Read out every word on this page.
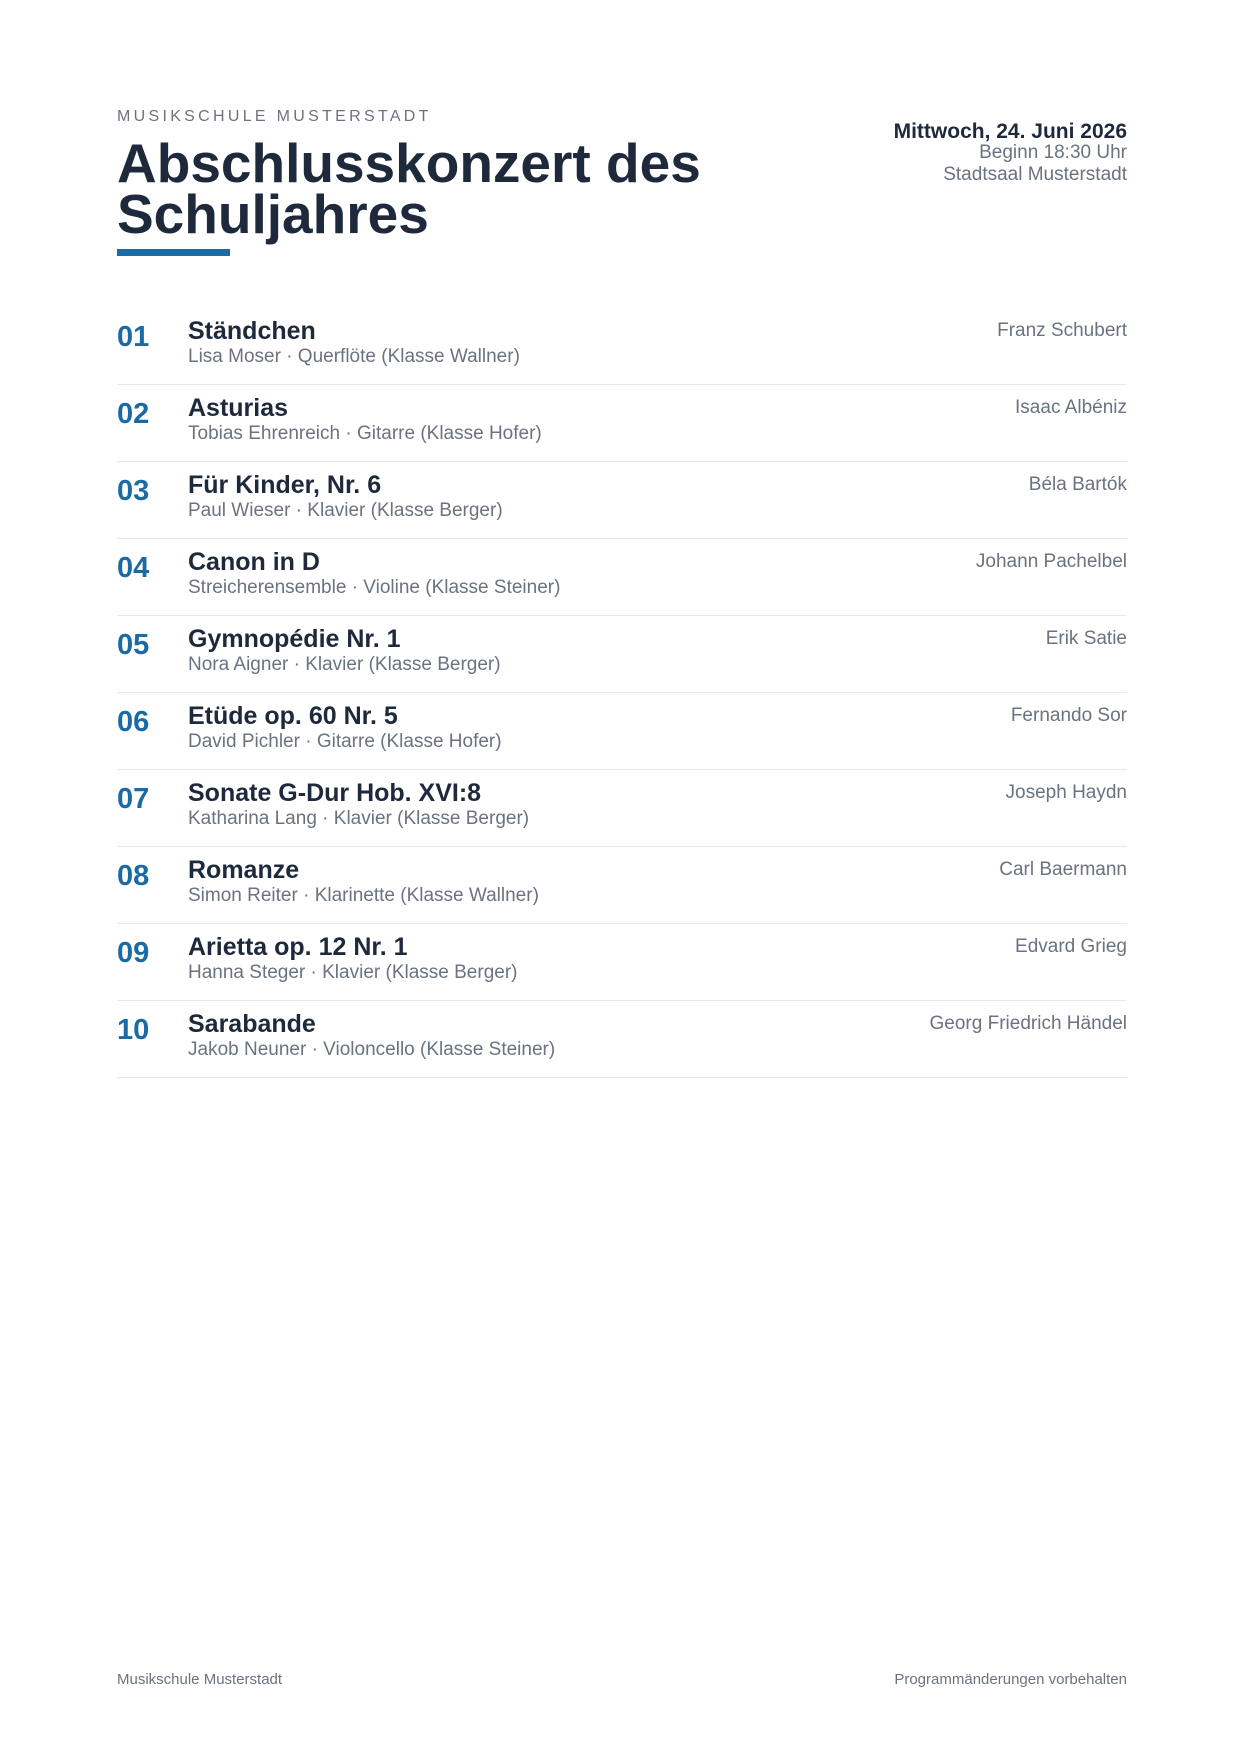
MUSIKSCHULE MUSTERSTADT
Abschlusskonzert des Schuljahres
Mittwoch, 24. Juni 2026
Beginn 18:30 Uhr
Stadtsaal Musterstadt
01 Ständchen
Lisa Moser · Querflöte (Klasse Wallner)
Franz Schubert
02 Asturias
Tobias Ehrenreich · Gitarre (Klasse Hofer)
Isaac Albéniz
03 Für Kinder, Nr. 6
Paul Wieser · Klavier (Klasse Berger)
Béla Bartók
04 Canon in D
Streicherensemble · Violine (Klasse Steiner)
Johann Pachelbel
05 Gymnopédie Nr. 1
Nora Aigner · Klavier (Klasse Berger)
Erik Satie
06 Etüde op. 60 Nr. 5
David Pichler · Gitarre (Klasse Hofer)
Fernando Sor
07 Sonate G-Dur Hob. XVI:8
Katharina Lang · Klavier (Klasse Berger)
Joseph Haydn
08 Romanze
Simon Reiter · Klarinette (Klasse Wallner)
Carl Baermann
09 Arietta op. 12 Nr. 1
Hanna Steger · Klavier (Klasse Berger)
Edvard Grieg
10 Sarabande
Jakob Neuner · Violoncello (Klasse Steiner)
Georg Friedrich Händel
Musikschule Musterstadt	Programmänderungen vorbehalten
